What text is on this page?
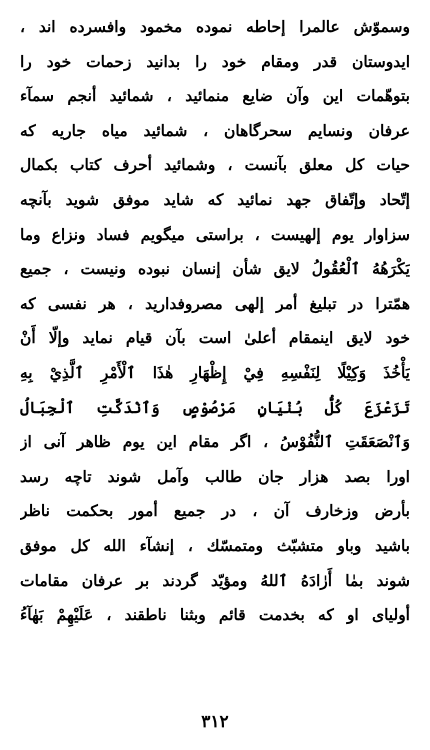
وسموّش عالمرا إحاطه نموده مخمود وافسرده اند ،
ايدوستان قدر ومقام خود را بدانيد زحمات خود را
بتوهّمات اين وآن ضايع منمائيد ، شمائيد أنجم سمآء
عرفان ونسايم سحرگاهان ، شمائيد مياه جاريه كه
حيات كل معلق بآنست ، وشمائيد أحرف كتاب بكمال
إتّحاد وإتّفاق جهد نمائيد كه شايد موفق شويد بآنچه
سزاوار يوم إلهيست ، براستى ميگويم فساد ونزاع وما
يَكْرَهُهُ ٱلْعُقُولُ لايق شأن إنسان نبوده ونيست ، جميع
همّترا در تبليغ أمر إلهى مصروفداريد ، هر نفسى كه
خود لايق اينمقام أعلىٰ است بآن قيام نمايد وإلّا أَنْ
يَأْخُذَ وَكِيْلًا لِنَفْسِهِ فِيْ إِظْهَارِ هٰذَا ٱلْأَمْرِ ٱلَّذِيْ بِهِ
تَزَعْزَعَ كُلُّ بُنْيَانٍ مَرْصُوْصٍ وَٱنْدَكَّتِ ٱلْجِبَالُ
وَٱنْصَعَقَتِ ٱلنُّفُوْسُ ، اگر مقام اين يوم ظاهر آنى از
اورا بصد هزار جان طالب وآمل شوند تاچه رسد
بأرض وزخارف آن ، در جميع أمور بحكمت ناظر
باشيد وباو متشبّث ومتمسّك ، إنشآء الله كل موفق
شوند بمٰا أَرٰادَهُ ٱللهُ ومؤيّد گردند بر عرفان مقامات
أولياى او كه بخدمت قائم وبثنا ناطقند ، عَلَيْهِمْ بَهٰآءُ
٣١٢
